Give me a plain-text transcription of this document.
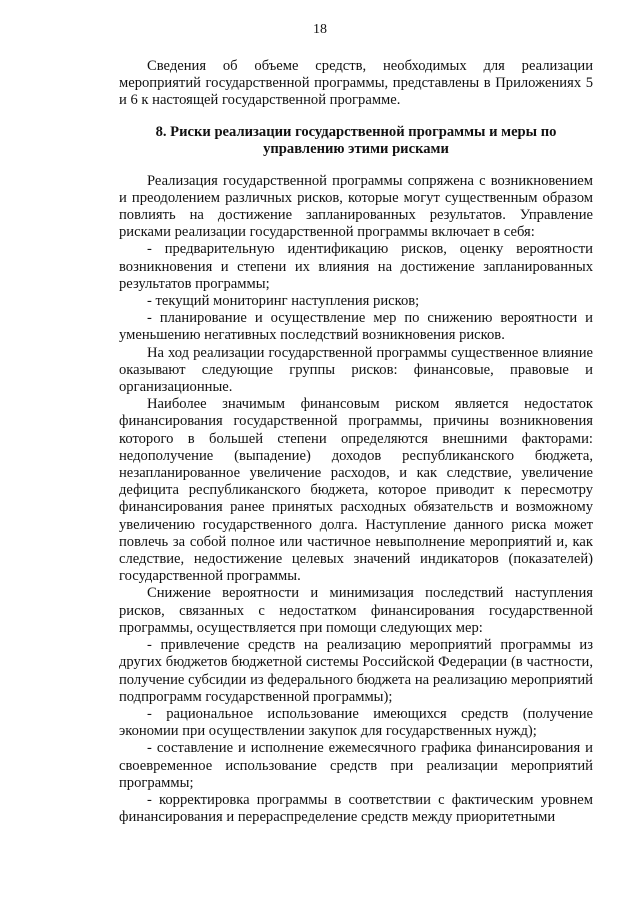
18

Сведения об объеме средств, необходимых для реализации мероприятий государственной программы, представлены в Приложениях 5 и 6 к настоящей государственной программе.

8. Риски реализации государственной программы и меры по управлению этими рисками

Реализация государственной программы сопряжена с возникновением и преодолением различных рисков, которые могут существенным образом повлиять на достижение запланированных результатов. Управление рисками реализации государственной программы включает в себя:

- предварительную идентификацию рисков, оценку вероятности возникновения и степени их влияния на достижение запланированных результатов программы;

- текущий мониторинг наступления рисков;

- планирование и осуществление мер по снижению вероятности и уменьшению негативных последствий возникновения рисков.

На ход реализации государственной программы существенное влияние оказывают следующие группы рисков: финансовые, правовые и организационные.

Наиболее значимым финансовым риском является недостаток финансирования государственной программы, причины возникновения которого в большей степени определяются внешними факторами: недополучение (выпадение) доходов республиканского бюджета, незапланированное увеличение расходов, и как следствие, увеличение дефицита республиканского бюджета, которое приводит к пересмотру финансирования ранее принятых расходных обязательств и возможному увеличению государственного долга. Наступление данного риска может повлечь за собой полное или частичное невыполнение мероприятий и, как следствие, недостижение целевых значений индикаторов (показателей) государственной программы.

Снижение вероятности и минимизация последствий наступления рисков, связанных с недостатком финансирования государственной программы, осуществляется при помощи следующих мер:

- привлечение средств на реализацию мероприятий программы из других бюджетов бюджетной системы Российской Федерации (в частности, получение субсидии из федерального бюджета на реализацию мероприятий подпрограмм государственной программы);

- рациональное использование имеющихся средств (получение экономии при осуществлении закупок для государственных нужд);

- составление и исполнение ежемесячного графика финансирования и своевременное использование средств при реализации мероприятий программы;

- корректировка программы в соответствии с фактическим уровнем финансирования и перераспределение средств между приоритетными
